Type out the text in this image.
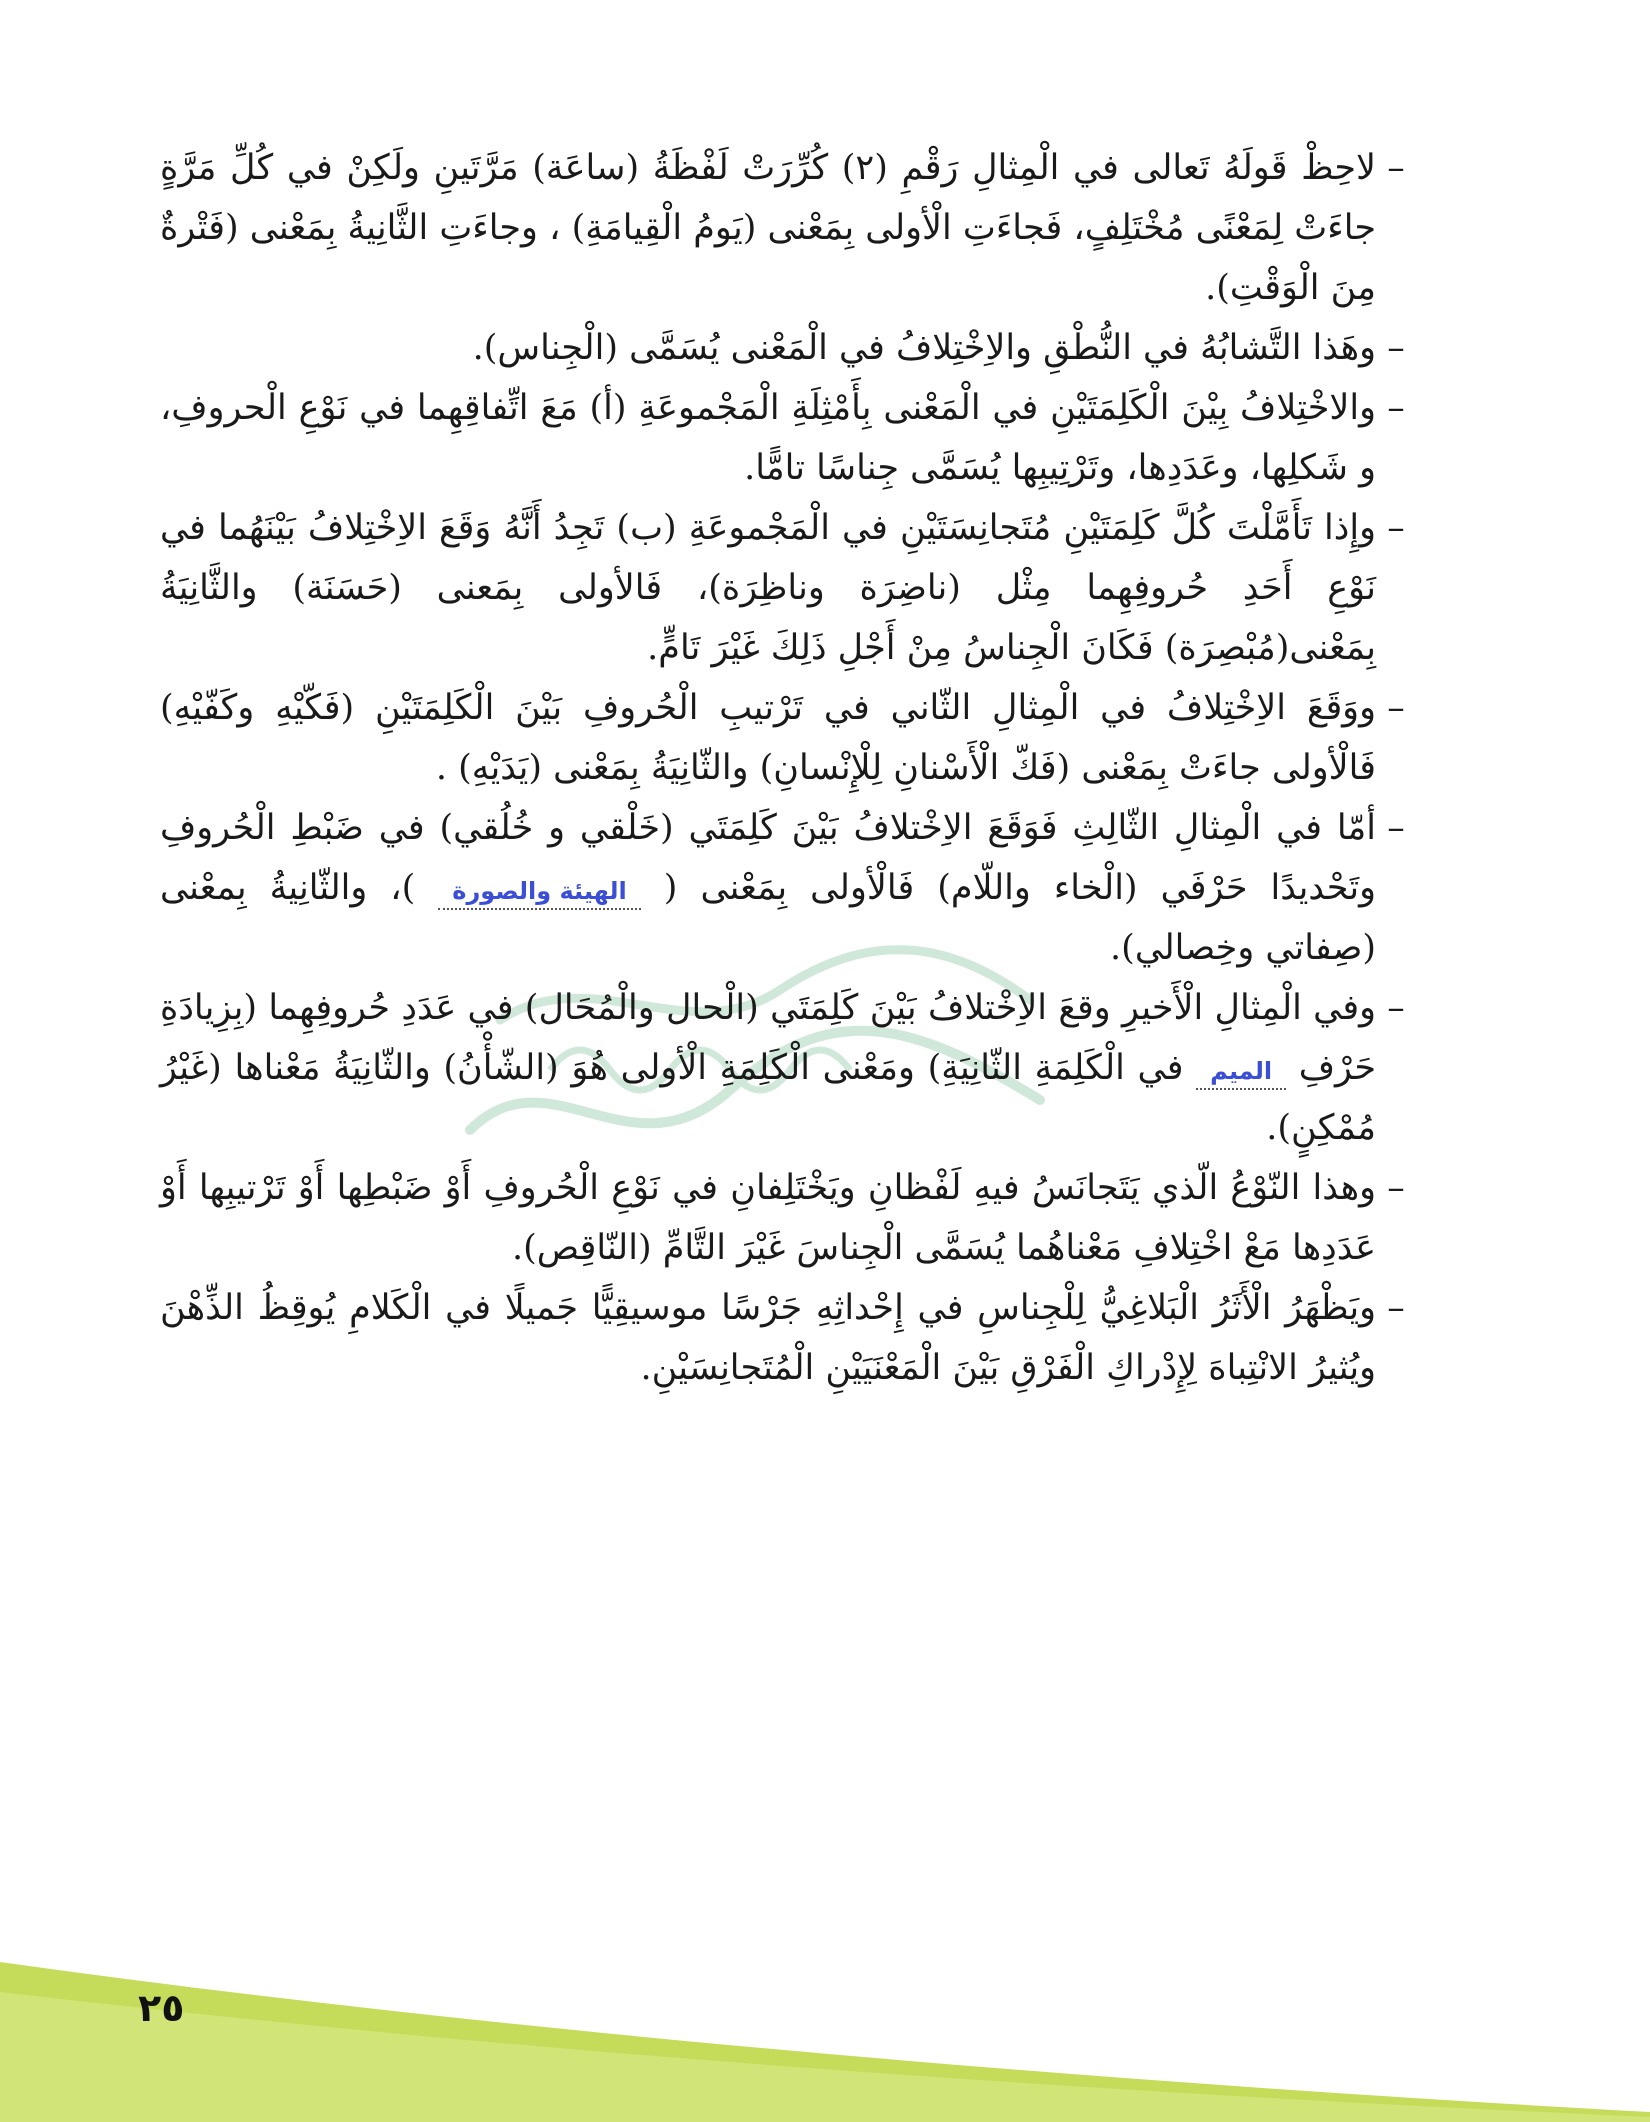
–
لاحِظْ قَولَهُ تَعالى في الْمِثالِ رَقْمِ (٢) كُرِّرَتْ لَفْظَةُ (ساعَة) مَرَّتَينِ ولَكِنْ في كُلِّ مَرَّةٍ جاءَتْ لِمَعْنًى مُخْتَلِفٍ، فَجاءَتِ الْأولى بِمَعْنى (يَومُ الْقِيامَةِ) ، وجاءَتِ الثَّانِيةُ بِمَعْنى (فَتْرةٌ مِنَ الْوَقْتِ).
–
وهَذا التَّشابُهُ في النُّطْقِ والاِخْتِلافُ في الْمَعْنى يُسَمَّى (الْجِناس).
–
والاخْتِلافُ بِيْنَ الْكَلِمَتَيْنِ في الْمَعْنى بِأَمْثِلَةِ الْمَجْموعَةِ (أ) مَعَ اتِّفاقِهِما في نَوْعِ الْحروفِ، و شَكلِها، وعَدَدِها، وتَرْتِيبِها يُسَمَّى جِناسًا تامًّا.
–
وإِذا تَأَمَّلْتَ كُلَّ كَلِمَتَيْنِ مُتَجانِسَتَيْنِ في الْمَجْموعَةِ (ب) تَجِدُ أَنَّهُ وَقَعَ الاِخْتِلافُ بَيْنَهُما في نَوْعِ أَحَدِ حُروفِهِما مِثْل (ناضِرَة وناظِرَة)، فَالأولى بِمَعنى (حَسَنَة) والثَّانِيَةُ بِمَعْنى(مُبْصِرَة) فَكَانَ الْجِناسُ مِنْ أَجْلِ ذَلِكَ غَيْرَ تَامٍّ.
–
ووَقَعَ الاِخْتِلافُ في الْمِثالِ الثّاني في تَرْتيبِ الْحُروفِ بَيْنَ الْكَلِمَتَيْنِ (فَكّيْهِ وكَفّيْهِ) فَالْأولى جاءَتْ بِمَعْنى (فَكّ الْأَسْنانِ لِلْإِنْسانِ) والثّانِيَةُ بِمَعْنى (يَدَيْهِ) .
–
أمّا في الْمِثالِ الثّالِثِ فَوَقَعَ الاِخْتلافُ بَيْنَ كَلِمَتَي (خَلْقي و خُلُقي) في ضَبْطِ الْحُروفِ وتَحْديدًا حَرْفَي (الْخاء واللّام) فَالْأولى بِمَعْنى ( الهيئة والصورة )، والثّانِيةُ بِمعْنى (صِفاتي وخِصالي).
–
وفي الْمِثالِ الْأَخيرِ وقعَ الاِخْتلافُ بَيْنَ كَلِمَتَي (الْحال والْمُحَال) في عَدَدِ حُروفِهِما (بِزِيادَةِ حَرْفِ الميم في الْكَلِمَةِ الثّانِيَةِ) ومَعْنى الْكَلِمَةِ الْأولى هُوَ (الشّأْنُ) والثّانِيَةُ مَعْناها (غَيْرُ مُمْكِنٍ).
–
وهذا النّوْعُ الّذي يَتَجانَسُ فيهِ لَفْظانِ ويَخْتَلِفانِ في نَوْعِ الْحُروفِ أَوْ ضَبْطِها أَوْ تَرْتيبِها أَوْ عَدَدِها مَعْ اخْتِلافِ مَعْناهُما يُسَمَّى الْجِناسَ غَيْرَ التَّامِّ (النّاقِص).
–
ويَظْهَرُ الْأَثَرُ الْبَلاغِيُّ لِلْجِناسِ في إِحْداثِهِ جَرْسًا موسيقِيًّا جَميلًا في الْكَلامِ يُوقِظُ الذِّهْنَ ويُثيرُ الانْتِباهَ لِإِدْراكِ الْفَرْقِ بَيْنَ الْمَعْنَيَيْنِ الْمُتَجانِسَيْنِ.
٢٥
